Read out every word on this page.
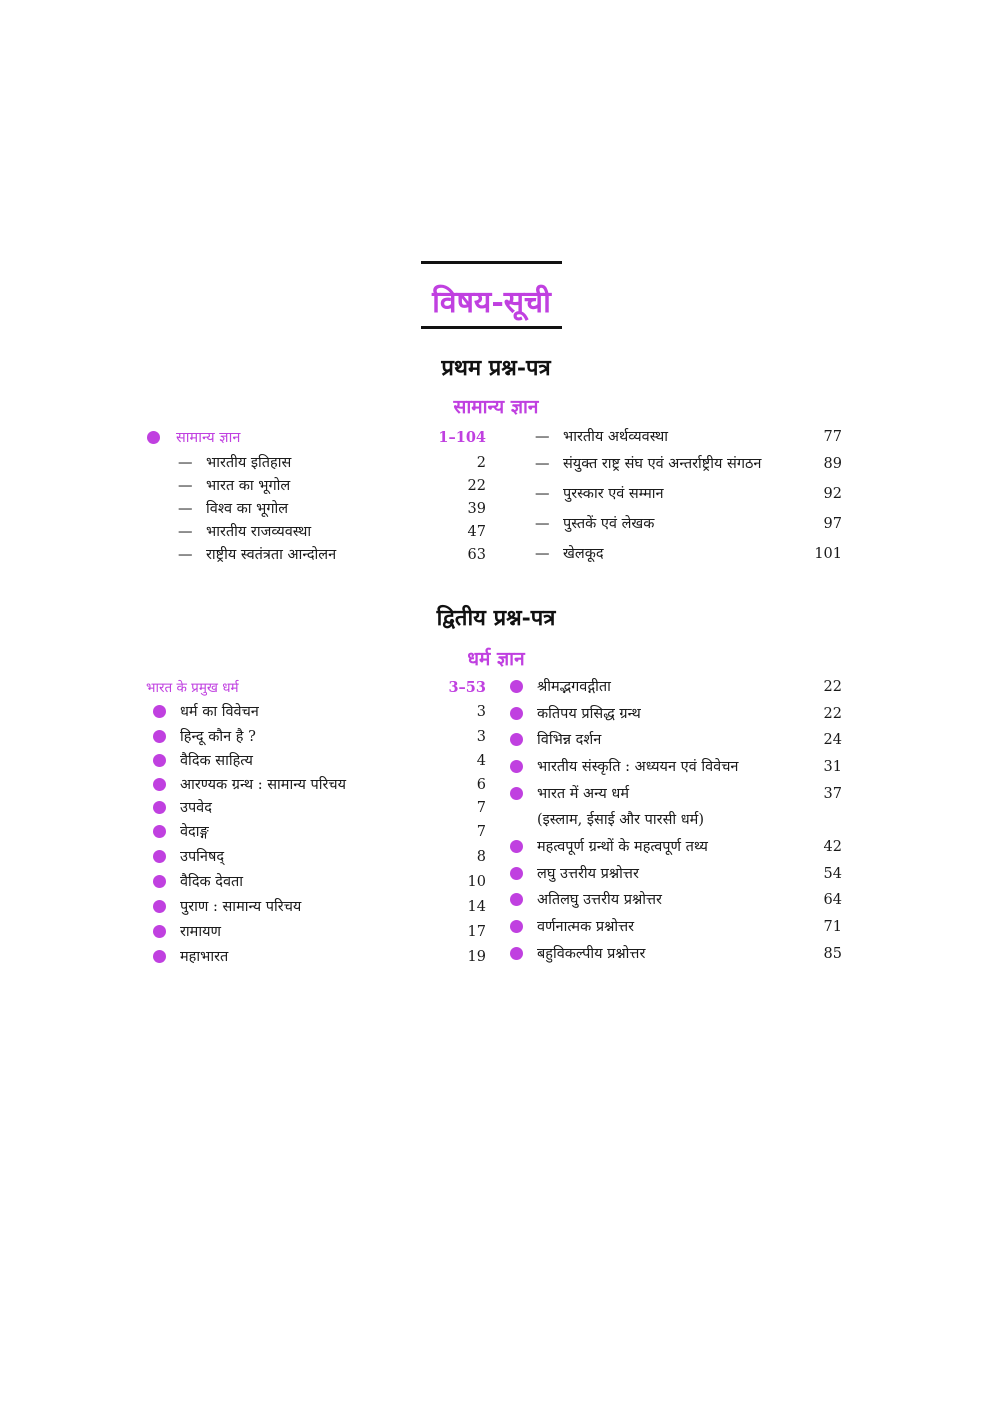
विषय-सूची
प्रथम प्रश्न-पत्र
सामान्य ज्ञान
सामान्य ज्ञान	1–104
— भारतीय इतिहास	2
— भारत का भूगोल	22
— विश्व का भूगोल	39
— भारतीय राजव्यवस्था	47
— राष्ट्रीय स्वतंत्रता आन्दोलन	63
— भारतीय अर्थव्यवस्था	77
— संयुक्त राष्ट्र संघ एवं अन्तर्राष्ट्रीय संगठन	89
— पुरस्कार एवं सम्मान	92
— पुस्तकें एवं लेखक	97
— खेलकूद	101
द्वितीय प्रश्न-पत्र
धर्म ज्ञान
भारत के प्रमुख धर्म	3–53
धर्म का विवेचन	3
हिन्दू कौन है ?	3
वैदिक साहित्य	4
आरण्यक ग्रन्थ : सामान्य परिचय	6
उपवेद	7
वेदाङ्ग	7
उपनिषद्	8
वैदिक देवता	10
पुराण : सामान्य परिचय	14
रामायण	17
महाभारत	19
श्रीमद्भगवद्गीता	22
कतिपय प्रसिद्ध ग्रन्थ	22
विभिन्न दर्शन	24
भारतीय संस्कृति : अध्ययन एवं विवेचन	31
भारत में अन्य धर्म	37
(इस्लाम, ईसाई और पारसी धर्म)
महत्वपूर्ण ग्रन्थों के महत्वपूर्ण तथ्य	42
लघु उत्तरीय प्रश्नोत्तर	54
अतिलघु उत्तरीय प्रश्नोत्तर	64
वर्णनात्मक प्रश्नोत्तर	71
बहुविकल्पीय प्रश्नोत्तर	85
